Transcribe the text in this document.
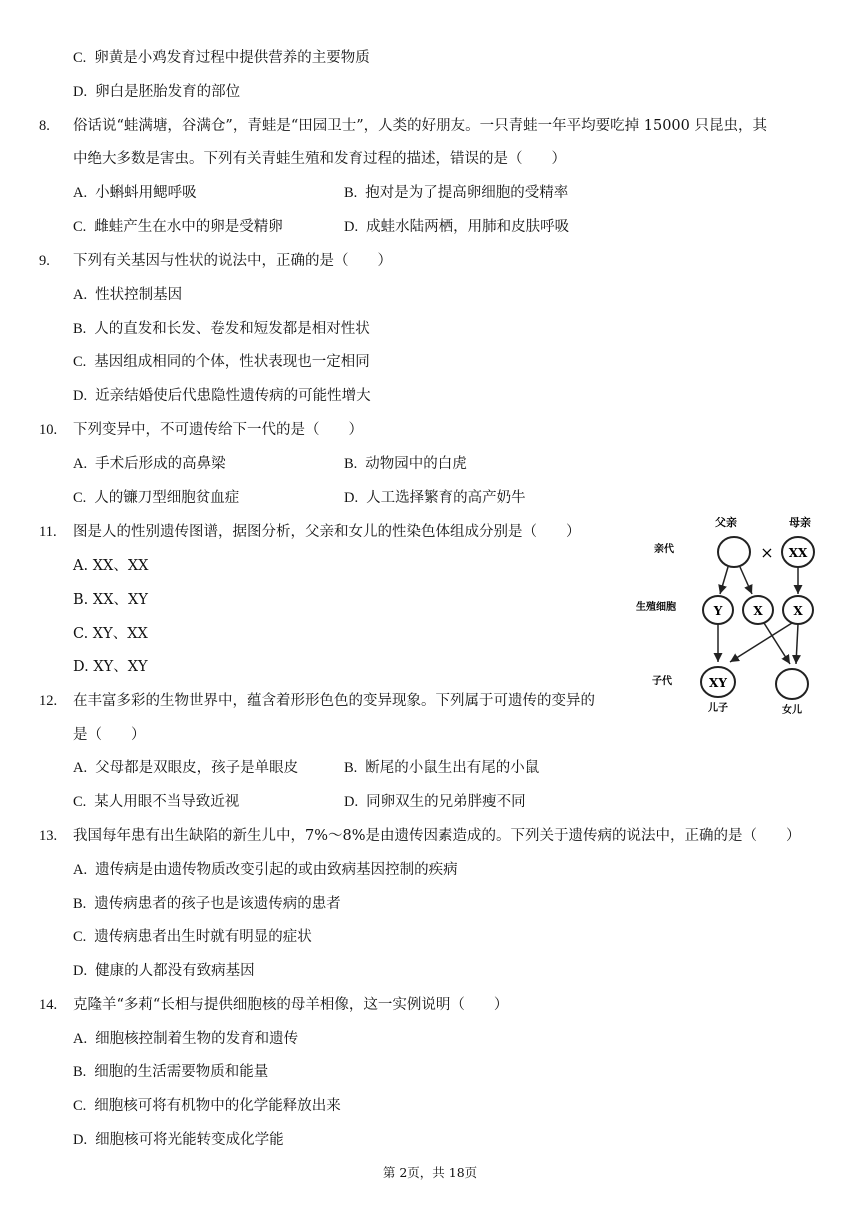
C. 卵黄是小鸡发育过程中提供营养的主要物质
D. 卵白是胚胎发育的部位
8. 俗话说“蛙满塘，谷满仓”，青蛙是“田园卫士”，人类的好朋友。一只青蛙一年平均要吃掉 15000 只昆虫，其
中绝大多数是害虫。下列有关青蛙生殖和发育过程的描述，错误的是（　　）
A. 小蝌蚪用鳃呼吸	B. 抱对是为了提高卵细胞的受精率
C. 雌蛙产生在水中的卵是受精卵	D. 成蛙水陆两栖，用肺和皮肤呼吸
9. 下列有关基因与性状的说法中，正确的是（　　）
A. 性状控制基因
B. 人的直发和长发、卷发和短发都是相对性状
C. 基因组成相同的个体，性状表现也一定相同
D. 近亲结婚使后代患隐性遗传病的可能性增大
10. 下列变异中，不可遗传给下一代的是（　　）
A. 手术后形成的高鼻梁	B. 动物园中的白虎
C. 人的镰刀型细胞贫血症	D. 人工选择繁育的高产奶牛
11. 图是人的性别遗传图谱，据图分析，父亲和女儿的性染色体组成分别是（　　）
A. XX、XX
B. XX、XY
C. XY、XX
D. XY、XY
父亲	母亲
亲代	× XX
生殖细胞	Y	X	X
子代	XY
儿子	女儿
12. 在丰富多彩的生物世界中，蕴含着形形色色的变异现象。下列属于可遗传的变异的
是（　　）
A. 父母都是双眼皮，孩子是单眼皮	B. 断尾的小鼠生出有尾的小鼠
C. 某人用眼不当导致近视	D. 同卵双生的兄弟胖瘦不同
13. 我国每年患有出生缺陷的新生儿中，7%～8%是由遗传因素造成的。下列关于遗传病的说法中，正确的是（　　）
A. 遗传病是由遗传物质改变引起的或由致病基因控制的疾病
B. 遗传病患者的孩子也是该遗传病的患者
C. 遗传病患者出生时就有明显的症状
D. 健康的人都没有致病基因
14. 克隆羊“多莉“长相与提供细胞核的母羊相像，这一实例说明（　　）
A. 细胞核控制着生物的发育和遗传
B. 细胞的生活需要物质和能量
C. 细胞核可将有机物中的化学能释放出来
D. 细胞核可将光能转变成化学能
第 2页，共 18页
